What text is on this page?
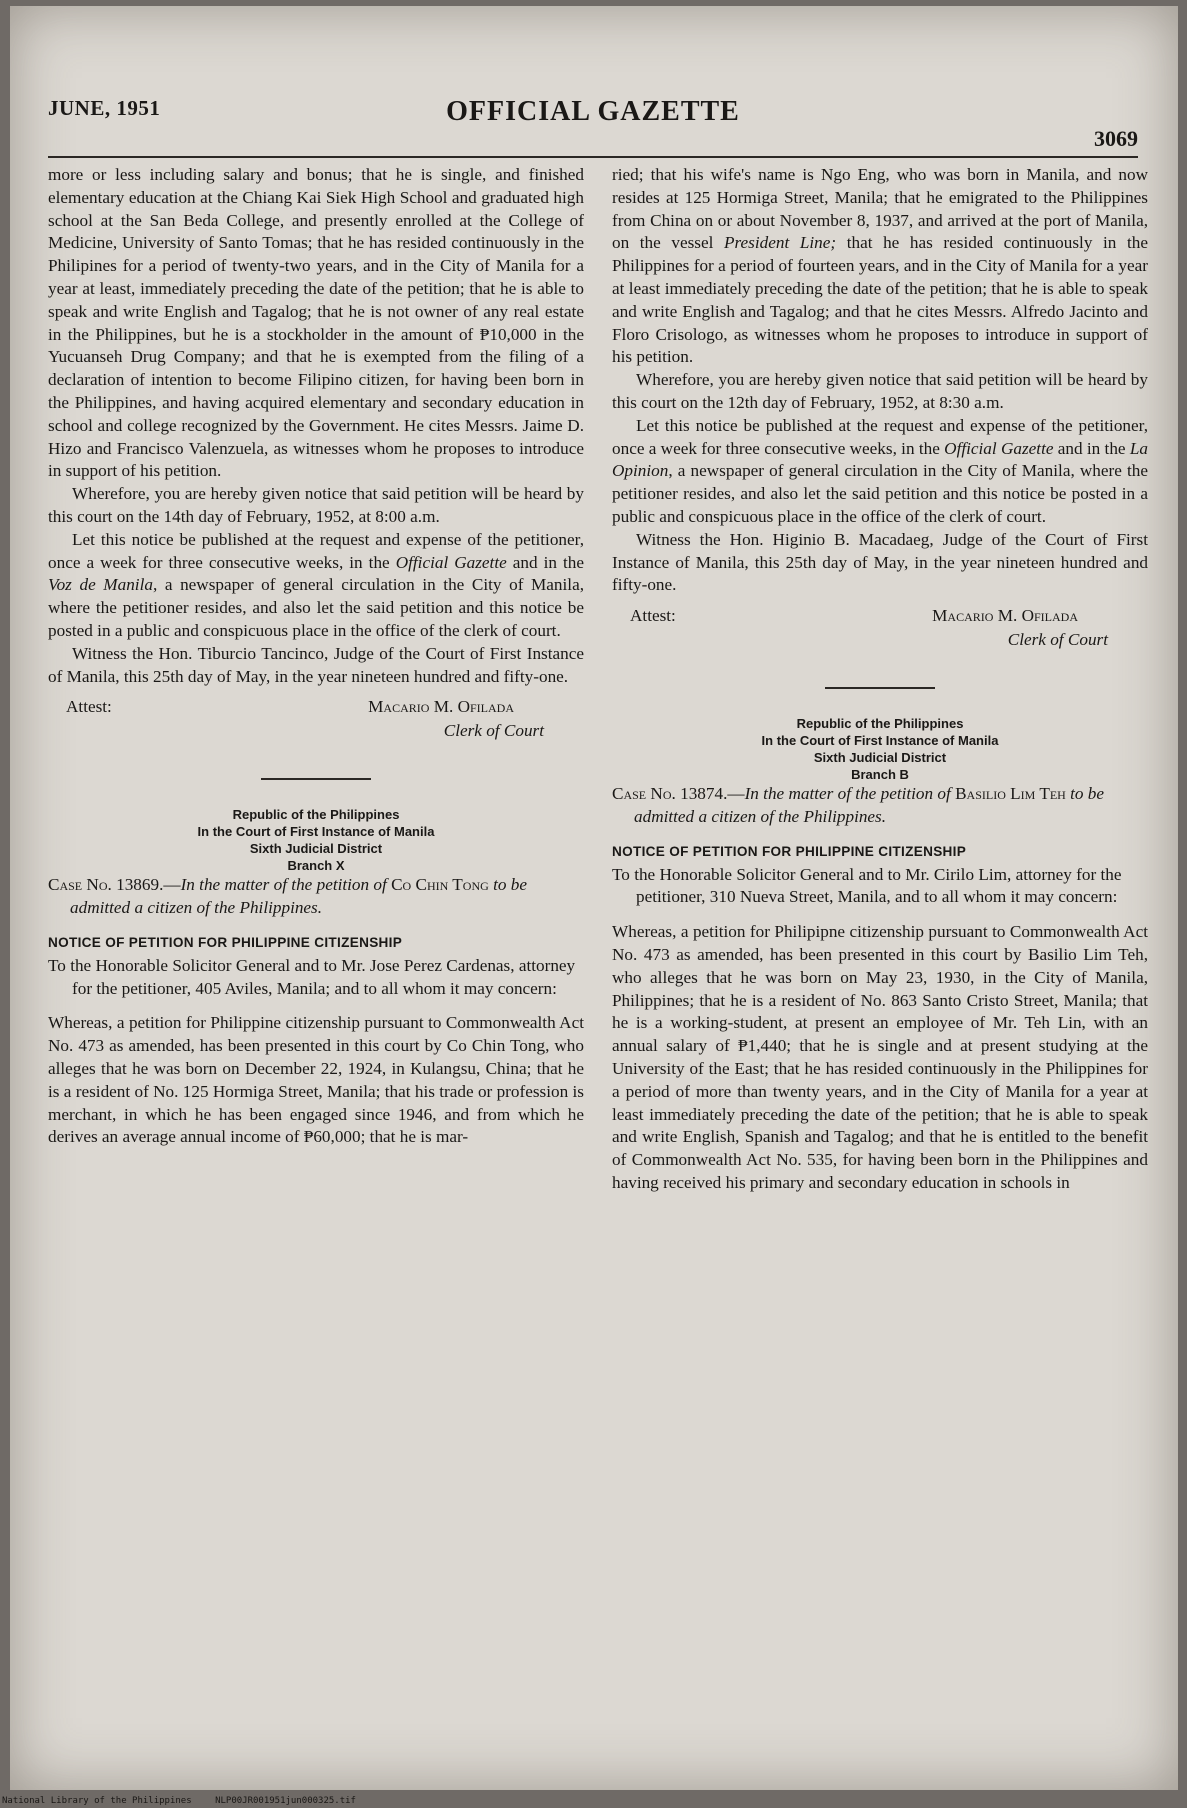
JUNE, 1951	OFFICIAL GAZETTE
3069

more or less including salary and bonus; that he is single, and finished elementary education at the Chiang Kai Siek High School and graduated high school at the San Beda College, and presently enrolled at the College of Medicine, University of Santo Tomas; that he has resided continuously in the Philipines for a period of twenty-two years, and in the City of Manila for a year at least, immediately preceding the date of the petition; that he is able to speak and write English and Tagalog; that he is not owner of any real estate in the Philippines, but he is a stockholder in the amount of ₱10,000 in the Yucuanseh Drug Company; and that he is exempted from the filing of a declaration of intention to become Filipino citizen, for having been born in the Philippines, and having acquired elementary and secondary education in school and college recognized by the Government. He cites Messrs. Jaime D. Hizo and Francisco Valenzuela, as witnesses whom he proposes to introduce in support of his petition.

Wherefore, you are hereby given notice that said petition will be heard by this court on the 14th day of February, 1952, at 8:00 a.m.

Let this notice be published at the request and expense of the petitioner, once a week for three consecutive weeks, in the Official Gazette and in the Voz de Manila, a newspaper of general circulation in the City of Manila, where the petitioner resides, and also let the said petition and this notice be posted in a public and conspicuous place in the office of the clerk of court.

Witness the Hon. Tiburcio Tancinco, Judge of the Court of First Instance of Manila, this 25th day of May, in the year nineteen hundred and fifty-one.

Attest:	Macario M. Ofilada
Clerk of Court
Republic of the Philippines
In the Court of First Instance of Manila
Sixth Judicial District
Branch X

Case No. 13869.—In the matter of the petition of Co Chin Tong to be admitted a citizen of the Philippines.

NOTICE OF PETITION FOR PHILIPPINE CITIZENSHIP

To the Honorable Solicitor General and to Mr. Jose Perez Cardenas, attorney for the petitioner, 405 Aviles, Manila; and to all whom it may concern:

Whereas, a petition for Philippine citizenship pursuant to Commonwealth Act No. 473 as amended, has been presented in this court by Co Chin Tong, who alleges that he was born on December 22, 1924, in Kulangsu, China; that he is a resident of No. 125 Hormiga Street, Manila; that his trade or profession is merchant, in which he has been engaged since 1946, and from which he derives an average annual income of ₱60,000; that he is mar-

ried; that his wife's name is Ngo Eng, who was born in Manila, and now resides at 125 Hormiga Street, Manila; that he emigrated to the Philippines from China on or about November 8, 1937, and arrived at the port of Manila, on the vessel President Line; that he has resided continuously in the Philippines for a period of fourteen years, and in the City of Manila for a year at least immediately preceding the date of the petition; that he is able to speak and write English and Tagalog; and that he cites Messrs. Alfredo Jacinto and Floro Crisologo, as witnesses whom he proposes to introduce in support of his petition.

Wherefore, you are hereby given notice that said petition will be heard by this court on the 12th day of February, 1952, at 8:30 a.m.

Let this notice be published at the request and expense of the petitioner, once a week for three consecutive weeks, in the Official Gazette and in the La Opinion, a newspaper of general circulation in the City of Manila, where the petitioner resides, and also let the said petition and this notice be posted in a public and conspicuous place in the office of the clerk of court.

Witness the Hon. Higinio B. Macadaeg, Judge of the Court of First Instance of Manila, this 25th day of May, in the year nineteen hundred and fifty-one.

Attest:	Macario M. Ofilada
Clerk of Court
Republic of the Philippines
In the Court of First Instance of Manila
Sixth Judicial District
Branch B

Case No. 13874.—In the matter of the petition of Basilio Lim Teh to be admitted a citizen of the Philippines.

NOTICE OF PETITION FOR PHILIPPINE CITIZENSHIP

To the Honorable Solicitor General and to Mr. Cirilo Lim, attorney for the petitioner, 310 Nueva Street, Manila, and to all whom it may concern:

Whereas, a petition for Philipipne citizenship pursuant to Commonwealth Act No. 473 as amended, has been presented in this court by Basilio Lim Teh, who alleges that he was born on May 23, 1930, in the City of Manila, Philippines; that he is a resident of No. 863 Santo Cristo Street, Manila; that he is a working-student, at present an employee of Mr. Teh Lin, with an annual salary of ₱1,440; that he is single and at present studying at the University of the East; that he has resided continuously in the Philippines for a period of more than twenty years, and in the City of Manila for a year at least immediately preceding the date of the petition; that he is able to speak and write English, Spanish and Tagalog; and that he is entitled to the benefit of Commonwealth Act No. 535, for having been born in the Philippines and having received his primary and secondary education in schools in

National Library of the Philippines	NLP00JR001951jun000325.tif
